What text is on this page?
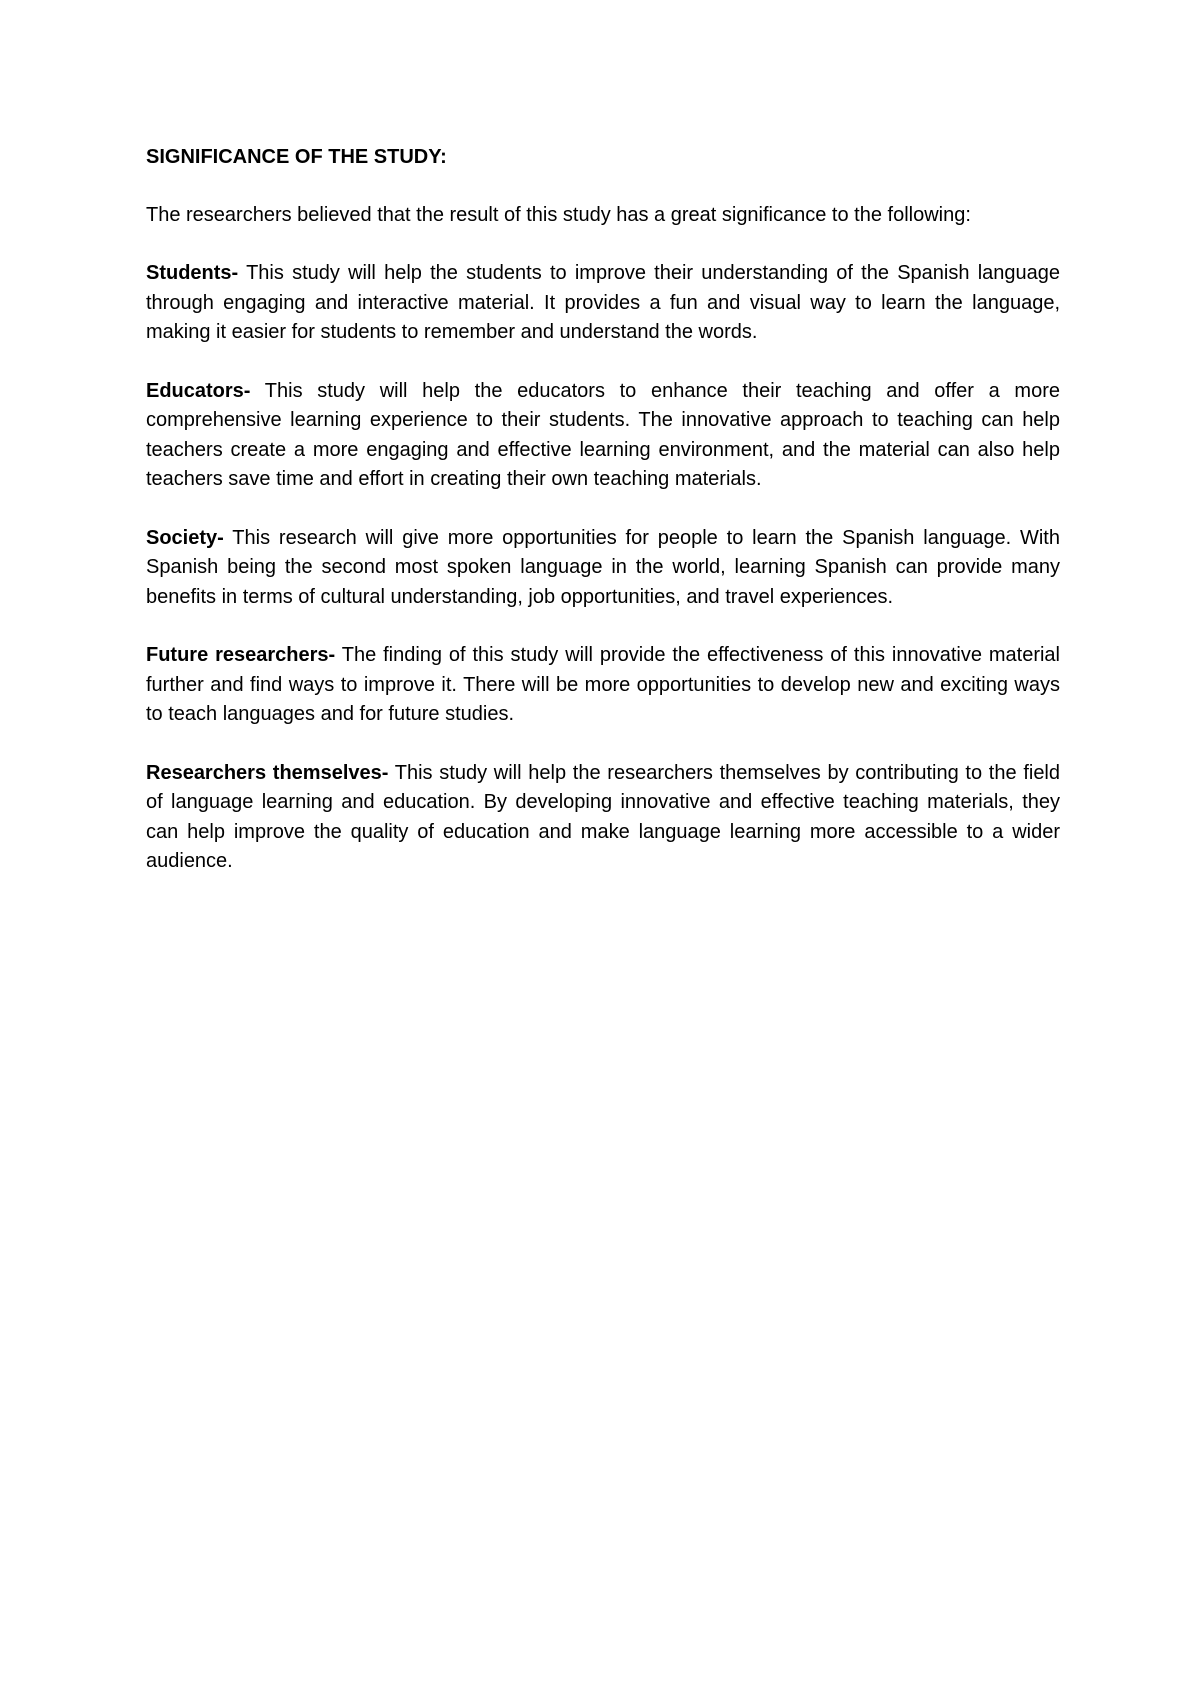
SIGNIFICANCE OF THE STUDY:

The researchers believed that the result of this study has a great significance to the following:

Students- This study will help the students to improve their understanding of the Spanish language through engaging and interactive material. It provides a fun and visual way to learn the language, making it easier for students to remember and understand the words.

Educators- This study will help the educators to enhance their teaching and offer a more comprehensive learning experience to their students. The innovative approach to teaching can help teachers create a more engaging and effective learning environment, and the material can also help teachers save time and effort in creating their own teaching materials.

Society- This research will give more opportunities for people to learn the Spanish language. With Spanish being the second most spoken language in the world, learning Spanish can provide many benefits in terms of cultural understanding, job opportunities, and travel experiences.

Future researchers- The finding of this study will provide the effectiveness of this innovative material further and find ways to improve it. There will be more opportunities to develop new and exciting ways to teach languages and for future studies.

Researchers themselves- This study will help the researchers themselves by contributing to the field of language learning and education. By developing innovative and effective teaching materials, they can help improve the quality of education and make language learning more accessible to a wider audience.
